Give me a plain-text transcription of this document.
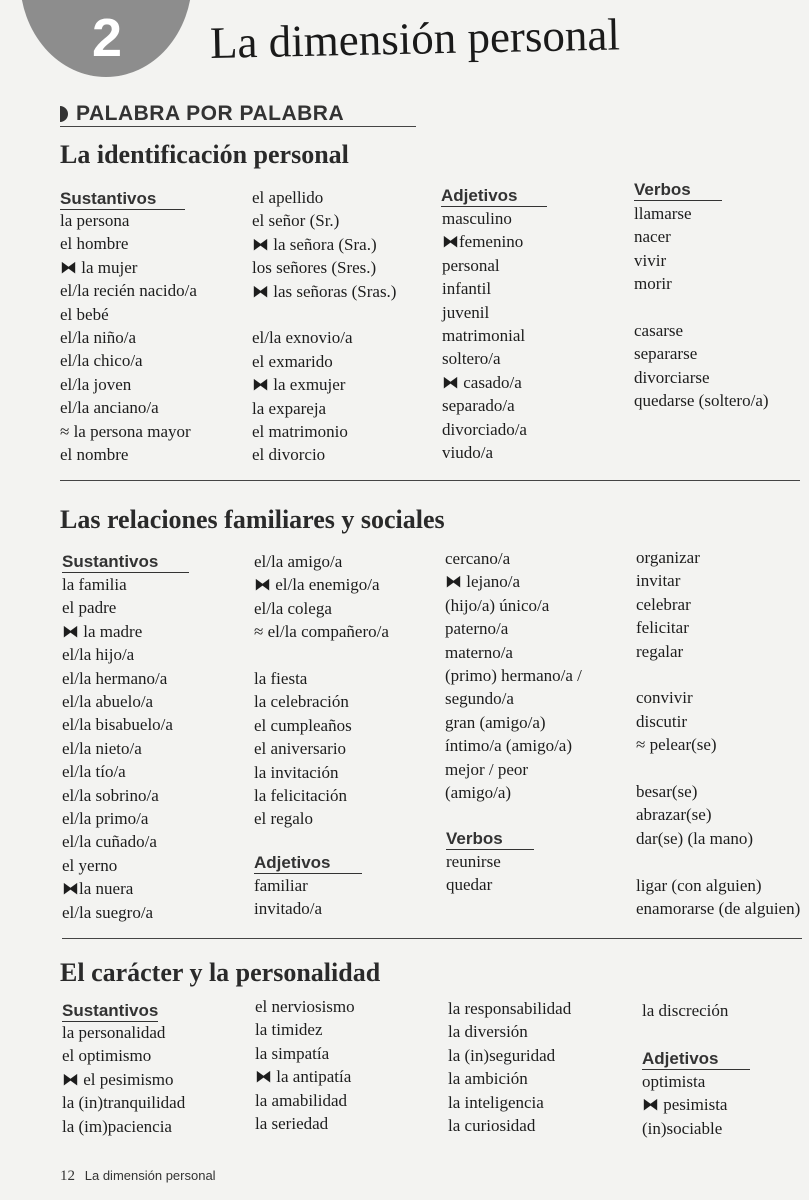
2 La dimensión personal
PALABRA POR PALABRA
La identificación personal
Sustantivos
la persona
el hombre
⧓ la mujer
el/la recién nacido/a
el bebé
el/la niño/a
el/la chico/a
el/la joven
el/la anciano/a
≈ la persona mayor
el nombre
el apellido
el señor (Sr.)
⧓ la señora (Sra.)
los señores (Sres.)
⧓ las señoras (Sras.)
el/la exnovio/a
el exmarido
⧓ la exmujer
la expareja
el matrimonio
el divorcio
Adjetivos
masculino
⧓femenino
personal
infantil
juvenil
matrimonial
soltero/a
⧓ casado/a
separado/a
divorciado/a
viudo/a
Verbos
llamarse
nacer
vivir
morir
casarse
separarse
divorciarse
quedarse (soltero/a)
Las relaciones familiares y sociales
Sustantivos
la familia
el padre
⧓ la madre
el/la hijo/a
el/la hermano/a
el/la abuelo/a
el/la bisabuelo/a
el/la nieto/a
el/la tío/a
el/la sobrino/a
el/la primo/a
el/la cuñado/a
el yerno
⧓la nuera
el/la suegro/a
el/la amigo/a
⧓ el/la enemigo/a
el/la colega
≈ el/la compañero/a
la fiesta
la celebración
el cumpleaños
el aniversario
la invitación
la felicitación
el regalo
Adjetivos
familiar
invitado/a
cercano/a
⧓ lejano/a
(hijo/a) único/a
paterno/a
materno/a
(primo) hermano/a /
segundo/a
gran (amigo/a)
íntimo/a (amigo/a)
mejor / peor
(amigo/a)
Verbos
reunirse
quedar
organizar
invitar
celebrar
felicitar
regalar
convivir
discutir
≈ pelear(se)
besar(se)
abrazar(se)
dar(se) (la mano)
ligar (con alguien)
enamorarse (de alguien)
El carácter y la personalidad
Sustantivos
la personalidad
el optimismo
⧓ el pesimismo
la (in)tranquilidad
la (im)paciencia
el nerviosismo
la timidez
la simpatía
⧓ la antipatía
la amabilidad
la seriedad
la responsabilidad
la diversión
la (in)seguridad
la ambición
la inteligencia
la curiosidad
la discreción
Adjetivos
optimista
⧓ pesimista
(in)sociable
12 La dimensión personal
